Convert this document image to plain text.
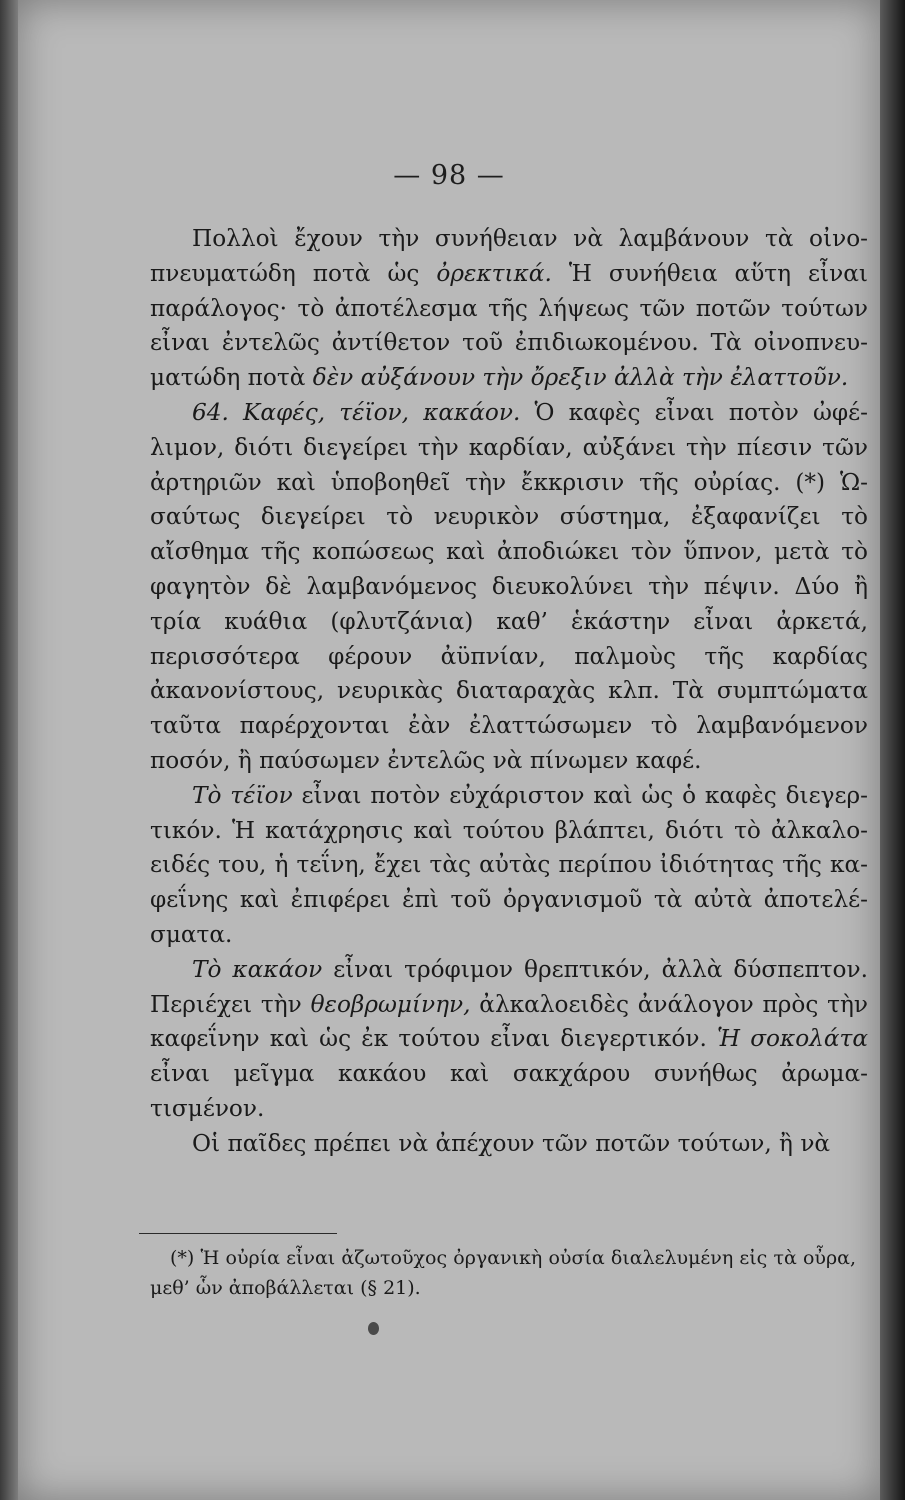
— 98 —

Πολλοὶ ἔχουν τὴν συνήθειαν νὰ λαμβάνουν τὰ οἰνοπνευματώδη ποτὰ ὡς ὀρεκτικά. Ἡ συνήθεια αὕτη εἶναι παράλογος· τὸ ἀποτέλεσμα τῆς λήψεως τῶν ποτῶν τούτων εἶναι ἐντελῶς ἀντίθετον τοῦ ἐπιδιωκομένου. Τὰ οἰνοπνευματώδη ποτὰ δὲν αὐξάνουν τὴν ὄρεξιν ἀλλὰ τὴν ἐλαττοῦν.

64. Καφές, τέϊον, κακάον. Ὁ καφὲς εἶναι ποτὸν ὠφέλιμον, διότι διεγείρει τὴν καρδίαν, αὐξάνει τὴν πίεσιν τῶν ἀρτηριῶν καὶ ὑποβοηθεῖ τὴν ἔκκρισιν τῆς οὐρίας. (*) Ὡσαύτως διεγείρει τὸ νευρικὸν σύστημα, ἐξαφανίζει τὸ αἴσθημα τῆς κοπώσεως καὶ ἀποδιώκει τὸν ὕπνον, μετὰ τὸ φαγητὸν δὲ λαμβανόμενος διευκολύνει τὴν πέψιν. Δύο ἢ τρία κυάθια (φλυτζάνια) καθ’ ἑκάστην εἶναι ἀρκετά, περισσότερα φέρουν ἀϋπνίαν, παλμοὺς τῆς καρδίας ἀκανονίστους, νευρικὰς διαταραχὰς κλπ. Τὰ συμπτώματα ταῦτα παρέρχονται ἐὰν ἐλαττώσωμεν τὸ λαμβανόμενον ποσόν, ἢ παύσωμεν ἐντελῶς νὰ πίνωμεν καφέ.

Τὸ τέϊον εἶναι ποτὸν εὐχάριστον καὶ ὡς ὁ καφὲς διεγερτικόν. Ἡ κατάχρησις καὶ τούτου βλάπτει, διότι τὸ ἀλκαλοειδές του, ἡ τεΐνη, ἔχει τὰς αὐτὰς περίπου ἰδιότητας τῆς καφεΐνης καὶ ἐπιφέρει ἐπὶ τοῦ ὀργανισμοῦ τὰ αὐτὰ ἀποτελέσματα.

Τὸ κακάον εἶναι τρόφιμον θρεπτικόν, ἀλλὰ δύσπεπτον. Περιέχει τὴν θεοβρωμίνην, ἀλκαλοειδὲς ἀνάλογον πρὸς τὴν καφεΐνην καὶ ὡς ἐκ τούτου εἶναι διεγερτικόν. Ἡ σοκολάτα εἶναι μεῖγμα κακάου καὶ σακχάρου συνήθως ἀρωματισμένον.

Οἱ παῖδες πρέπει νὰ ἀπέχουν τῶν ποτῶν τούτων, ἢ νὰ

(*) Ἡ οὐρία εἶναι ἀζωτοῦχος ὀργανικὴ οὐσία διαλελυμένη εἰς τὰ οὖρα, μεθ’ ὧν ἀποβάλλεται (§ 21).
